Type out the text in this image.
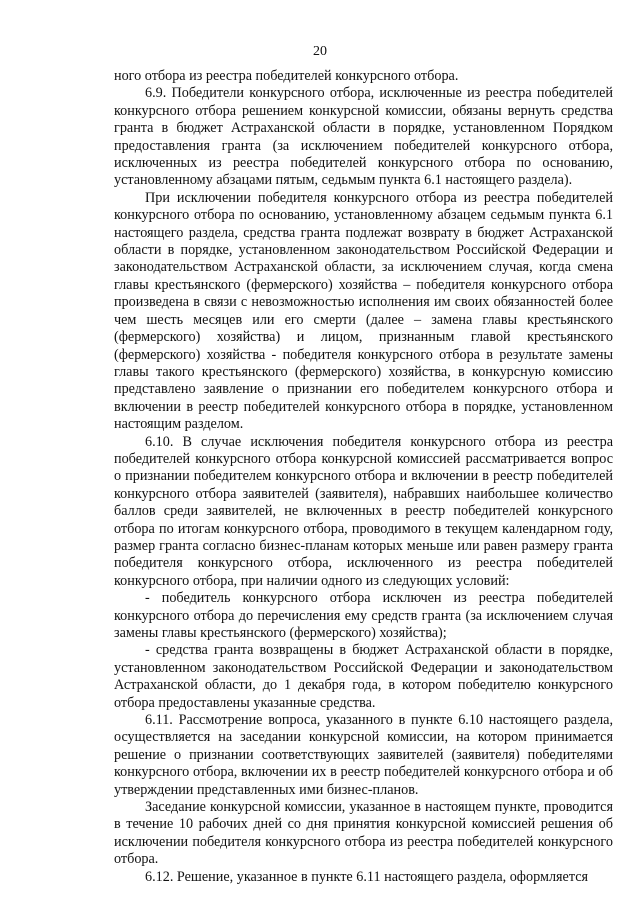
20

ного отбора из реестра победителей конкурсного отбора.

6.9. Победители конкурсного отбора, исключенные из реестра победителей конкурсного отбора решением конкурсной комиссии, обязаны вернуть средства гранта в бюджет Астраханской области в порядке, установленном Порядком предоставления гранта (за исключением победителей конкурсного отбора, исключенных из реестра победителей конкурсного отбора по основанию, установленному абзацами пятым, седьмым пункта 6.1 настоящего раздела).

При исключении победителя конкурсного отбора из реестра победителей конкурсного отбора по основанию, установленному абзацем седьмым пункта 6.1 настоящего раздела, средства гранта подлежат возврату в бюджет Астраханской области в порядке, установленном законодательством Российской Федерации и законодательством Астраханской области, за исключением случая, когда смена главы крестьянского (фермерского) хозяйства – победителя конкурсного отбора произведена в связи с невозможностью исполнения им своих обязанностей более чем шесть месяцев или его смерти (далее – замена главы крестьянского (фермерского) хозяйства) и лицом, признанным главой крестьянского (фермерского) хозяйства - победителя конкурсного отбора в результате замены главы такого крестьянского (фермерского) хозяйства, в конкурсную комиссию представлено заявление о признании его победителем конкурсного отбора и включении в реестр победителей конкурсного отбора в порядке, установленном настоящим разделом.

6.10. В случае исключения победителя конкурсного отбора из реестра победителей конкурсного отбора конкурсной комиссией рассматривается вопрос о признании победителем конкурсного отбора и включении в реестр победителей конкурсного отбора заявителей (заявителя), набравших наибольшее количество баллов среди заявителей, не включенных в реестр победителей конкурсного отбора по итогам конкурсного отбора, проводимого в текущем календарном году, размер гранта согласно бизнес-планам которых меньше или равен размеру гранта победителя конкурсного отбора, исключенного из реестра победителей конкурсного отбора, при наличии одного из следующих условий:

- победитель конкурсного отбора исключен из реестра победителей конкурсного отбора до перечисления ему средств гранта (за исключением случая замены главы крестьянского (фермерского) хозяйства);

- средства гранта возвращены в бюджет Астраханской области в порядке, установленном законодательством Российской Федерации и законодательством Астраханской области, до 1 декабря года, в котором победителю конкурсного отбора предоставлены указанные средства.

6.11. Рассмотрение вопроса, указанного в пункте 6.10 настоящего раздела, осуществляется на заседании конкурсной комиссии, на котором принимается решение о признании соответствующих заявителей (заявителя) победителями конкурсного отбора, включении их в реестр победителей конкурсного отбора и об утверждении представленных ими бизнес-планов.

Заседание конкурсной комиссии, указанное в настоящем пункте, проводится в течение 10 рабочих дней со дня принятия конкурсной комиссией решения об исключении победителя конкурсного отбора из реестра победителей конкурсного отбора.

6.12. Решение, указанное в пункте 6.11 настоящего раздела, оформляется
